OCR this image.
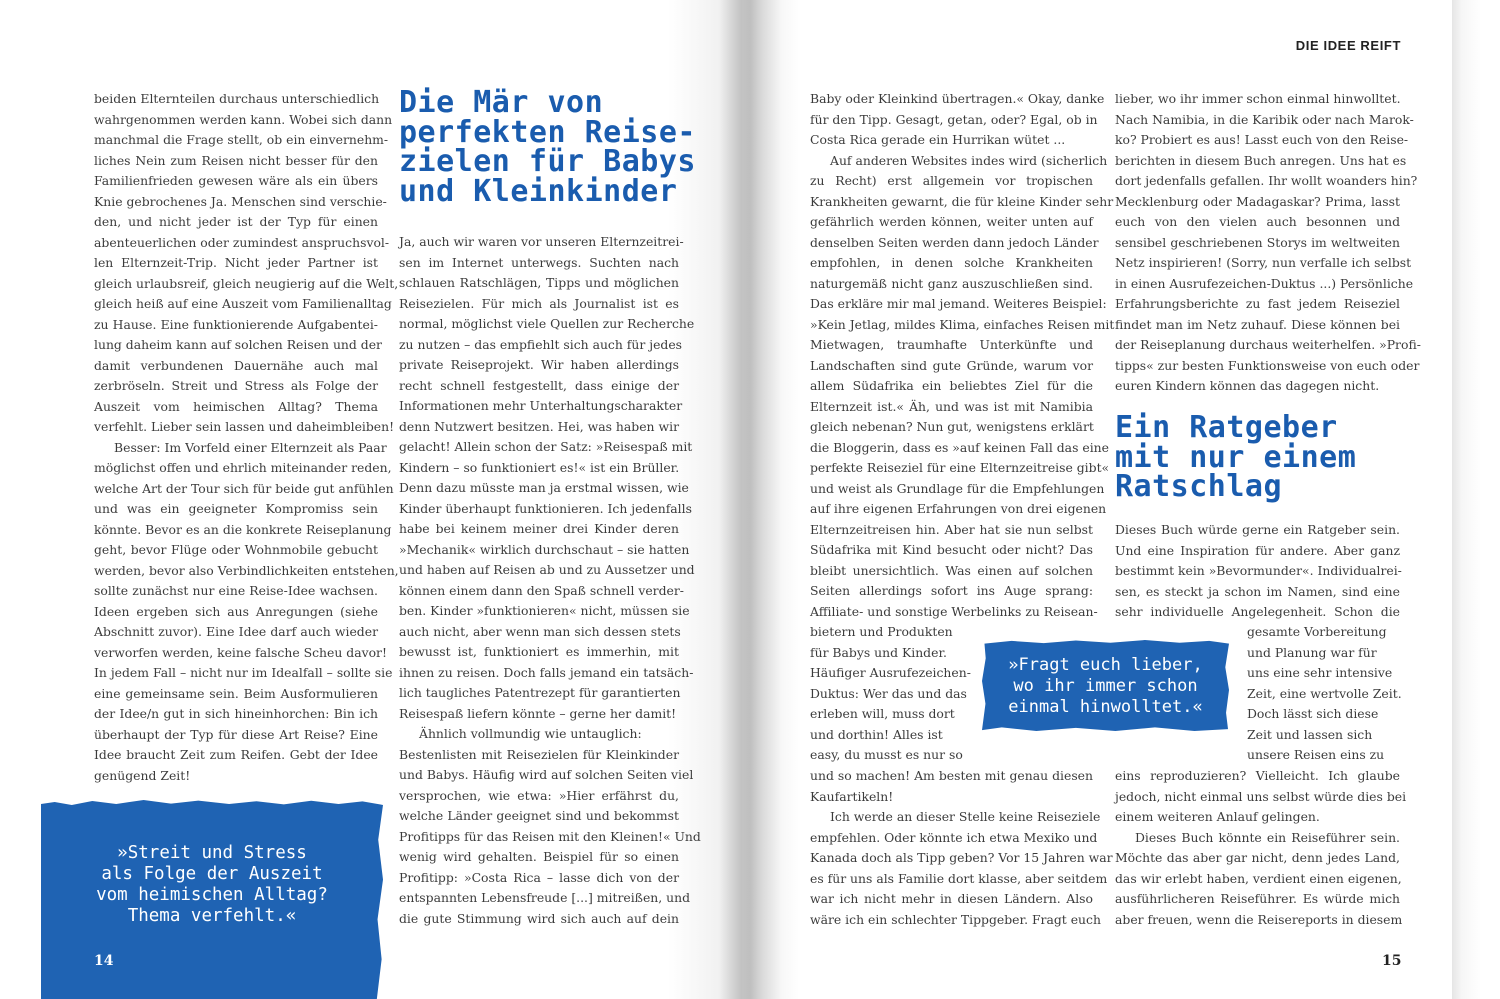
beiden Elternteilen durchaus unterschiedlich
wahrgenommen werden kann. Wobei sich dann
manchmal die Frage stellt, ob ein einvernehm-
liches Nein zum Reisen nicht besser für den
Familienfrieden gewesen wäre als ein übers
Knie gebrochenes Ja. Menschen sind verschie-
den, und nicht jeder ist der Typ für einen
abenteuerlichen oder zumindest anspruchsvol-
len Elternzeit-Trip. Nicht jeder Partner ist
gleich urlaubsreif, gleich neugierig auf die Welt,
gleich heiß auf eine Auszeit vom Familienalltag
zu Hause. Eine funktionierende Aufgabentei-
lung daheim kann auf solchen Reisen und der
damit verbundenen Dauernähe auch mal
zerbröseln. Streit und Stress als Folge der
Auszeit vom heimischen Alltag? Thema
verfehlt. Lieber sein lassen und daheimbleiben!
Besser: Im Vorfeld einer Elternzeit als Paar
möglichst offen und ehrlich miteinander reden,
welche Art der Tour sich für beide gut anfühlen
und was ein geeigneter Kompromiss sein
könnte. Bevor es an die konkrete Reiseplanung
geht, bevor Flüge oder Wohnmobile gebucht
werden, bevor also Verbindlichkeiten entstehen,
sollte zunächst nur eine Reise-Idee wachsen.
Ideen ergeben sich aus Anregungen (siehe
Abschnitt zuvor). Eine Idee darf auch wieder
verworfen werden, keine falsche Scheu davor!
In jedem Fall – nicht nur im Idealfall – sollte sie
eine gemeinsame sein. Beim Ausformulieren
der Idee/n gut in sich hineinhorchen: Bin ich
überhaupt der Typ für diese Art Reise? Eine
Idee braucht Zeit zum Reifen. Gebt der Idee
genügend Zeit!
Die Mär von
perfekten Reise-
zielen für Babys
und Kleinkinder
Ja, auch wir waren vor unseren Elternzeitrei-
sen im Internet unterwegs. Suchten nach
schlauen Ratschlägen, Tipps und möglichen
Reisezielen. Für mich als Journalist ist es
normal, möglichst viele Quellen zur Recherche
zu nutzen – das empfiehlt sich auch für jedes
private Reiseprojekt. Wir haben allerdings
recht schnell festgestellt, dass einige der
Informationen mehr Unterhaltungscharakter
denn Nutzwert besitzen. Hei, was haben wir
gelacht! Allein schon der Satz: »Reisespaß mit
Kindern – so funktioniert es!« ist ein Brüller.
Denn dazu müsste man ja erstmal wissen, wie
Kinder überhaupt funktionieren. Ich jedenfalls
habe bei keinem meiner drei Kinder deren
»Mechanik« wirklich durchschaut – sie hatten
und haben auf Reisen ab und zu Aussetzer und
können einem dann den Spaß schnell verder-
ben. Kinder »funktionieren« nicht, müssen sie
auch nicht, aber wenn man sich dessen stets
bewusst ist, funktioniert es immerhin, mit
ihnen zu reisen. Doch falls jemand ein tatsäch-
lich taugliches Patentrezept für garantierten
Reisespaß liefern könnte – gerne her damit!
Ähnlich vollmundig wie untauglich:
Bestenlisten mit Reisezielen für Kleinkinder
und Babys. Häufig wird auf solchen Seiten viel
versprochen, wie etwa: »Hier erfährst du,
welche Länder geeignet sind und bekommst
Profitipps für das Reisen mit den Kleinen!« Und
wenig wird gehalten. Beispiel für so einen
Profitipp: »Costa Rica – lasse dich von der
entspannten Lebensfreude [...] mitreißen, und
die gute Stimmung wird sich auch auf dein
»Streit und Stress
als Folge der Auszeit
vom heimischen Alltag?
Thema verfehlt.«
14
DIE IDEE REIFT
Baby oder Kleinkind übertragen.« Okay, danke
für den Tipp. Gesagt, getan, oder? Egal, ob in
Costa Rica gerade ein Hurrikan wütet ...
Auf anderen Websites indes wird (sicherlich
zu Recht) erst allgemein vor tropischen
Krankheiten gewarnt, die für kleine Kinder sehr
gefährlich werden können, weiter unten auf
denselben Seiten werden dann jedoch Länder
empfohlen, in denen solche Krankheiten
naturgemäß nicht ganz auszuschließen sind.
Das erkläre mir mal jemand. Weiteres Beispiel:
»Kein Jetlag, mildes Klima, einfaches Reisen mit
Mietwagen, traumhafte Unterkünfte und
Landschaften sind gute Gründe, warum vor
allem Südafrika ein beliebtes Ziel für die
Elternzeit ist.« Äh, und was ist mit Namibia
gleich nebenan? Nun gut, wenigstens erklärt
die Bloggerin, dass es »auf keinen Fall das eine
perfekte Reiseziel für eine Elternzeitreise gibt«
und weist als Grundlage für die Empfehlungen
auf ihre eigenen Erfahrungen von drei eigenen
Elternzeitreisen hin. Aber hat sie nun selbst
Südafrika mit Kind besucht oder nicht? Das
bleibt unersichtlich. Was einen auf solchen
Seiten allerdings sofort ins Auge sprang:
Affiliate- und sonstige Werbelinks zu Reisean-
bietern und Produkten
für Babys und Kinder.
Häufiger Ausrufezeichen-
Duktus: Wer das und das
erleben will, muss dort
und dorthin! Alles ist
easy, du musst es nur so
und so machen! Am besten mit genau diesen
Kaufartikeln!
Ich werde an dieser Stelle keine Reiseziele
empfehlen. Oder könnte ich etwa Mexiko und
Kanada doch als Tipp geben? Vor 15 Jahren war
es für uns als Familie dort klasse, aber seitdem
war ich nicht mehr in diesen Ländern. Also
wäre ich ein schlechter Tippgeber. Fragt euch
lieber, wo ihr immer schon einmal hinwolltet.
Nach Namibia, in die Karibik oder nach Marok-
ko? Probiert es aus! Lasst euch von den Reise-
berichten in diesem Buch anregen. Uns hat es
dort jedenfalls gefallen. Ihr wollt woanders hin?
Mecklenburg oder Madagaskar? Prima, lasst
euch von den vielen auch besonnen und
sensibel geschriebenen Storys im weltweiten
Netz inspirieren! (Sorry, nun verfalle ich selbst
in einen Ausrufezeichen-Duktus ...) Persönliche
Erfahrungsberichte zu fast jedem Reiseziel
findet man im Netz zuhauf. Diese können bei
der Reiseplanung durchaus weiterhelfen. »Profi-
tipps« zur besten Funktionsweise von euch oder
euren Kindern können das dagegen nicht.
Ein Ratgeber
mit nur einem
Ratschlag
Dieses Buch würde gerne ein Ratgeber sein.
Und eine Inspiration für andere. Aber ganz
bestimmt kein »Bevormunder«. Individualrei-
sen, es steckt ja schon im Namen, sind eine
sehr individuelle Angelegenheit. Schon die
gesamte Vorbereitung
und Planung war für
uns eine sehr intensive
Zeit, eine wertvolle Zeit.
Doch lässt sich diese
Zeit und lassen sich
unsere Reisen eins zu
eins reproduzieren? Vielleicht. Ich glaube
jedoch, nicht einmal uns selbst würde dies bei
einem weiteren Anlauf gelingen.
Dieses Buch könnte ein Reiseführer sein.
Möchte das aber gar nicht, denn jedes Land,
das wir erlebt haben, verdient einen eigenen,
ausführlicheren Reiseführer. Es würde mich
aber freuen, wenn die Reisereports in diesem
»Fragt euch lieber,
wo ihr immer schon
einmal hinwolltet.«
15
